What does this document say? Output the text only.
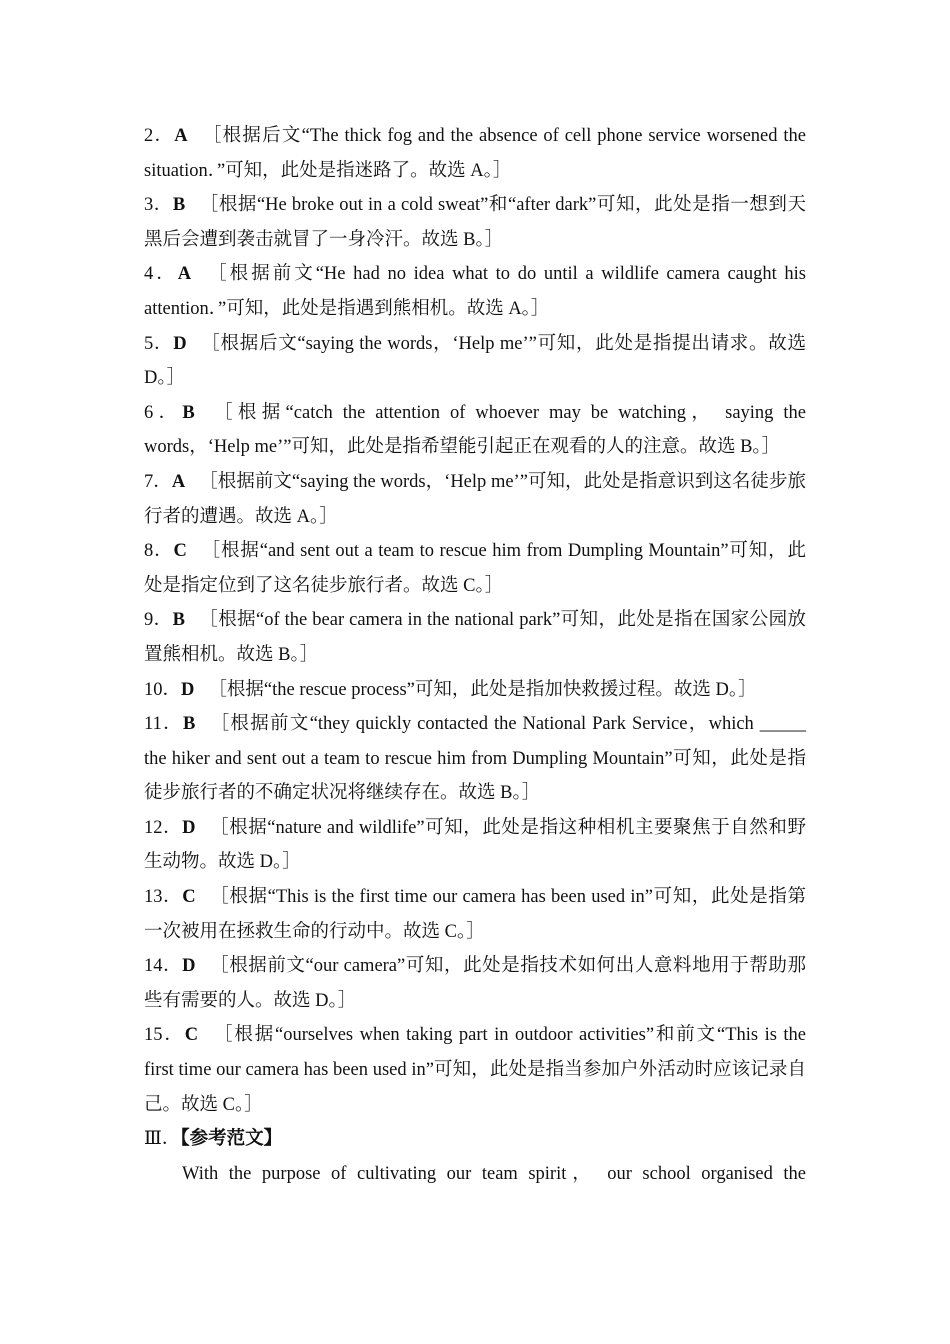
2．A ［根据后文“The thick fog and the absence of cell phone service worsened the situation．”可知，此处是指迷路了。故选 A。］

3．B ［根据“He broke out in a cold sweat”和“after dark”可知，此处是指一想到天黑后会遭到袭击就冒了一身冷汗。故选 B。］

4．A ［根据前文“He had no idea what to do until a wildlife camera caught his attention．”可知，此处是指遇到熊相机。故选 A。］

5．D ［根据后文“saying the words，‘Help me’”可知，此处是指提出请求。故选 D。］

6．B ［根据“catch the attention of whoever may be watching， saying the words，‘Help me’”可知，此处是指希望能引起正在观看的人的注意。故选 B。］

7．A ［根据前文“saying the words，‘Help me’”可知，此处是指意识到这名徒步旅行者的遭遇。故选 A。］

8．C ［根据“and sent out a team to rescue him from Dumpling Mountain”可知，此处是指定位到了这名徒步旅行者。故选 C。］

9．B ［根据“of the bear camera in the national park”可知，此处是指在国家公园放置熊相机。故选 B。］

10．D ［根据“the rescue process”可知，此处是指加快救援过程。故选 D。］

11．B ［根据前文“they quickly contacted the National Park Service，which _____ the hiker and sent out a team to rescue him from Dumpling Mountain”可知，此处是指徒步旅行者的不确定状况将继续存在。故选 B。］

12．D ［根据“nature and wildlife”可知，此处是指这种相机主要聚焦于自然和野生动物。故选 D。］

13．C ［根据“This is the first time our camera has been used in”可知，此处是指第一次被用在拯救生命的行动中。故选 C。］

14．D ［根据前文“our camera”可知，此处是指技术如何出人意料地用于帮助那些有需要的人。故选 D。］

15．C ［根据“ourselves when taking part in outdoor activities”和前文“This is the first time our camera has been used in”可知，此处是指当参加户外活动时应该记录自己。故选 C。］

Ⅲ．【参考范文】

With the purpose of cultivating our team spirit， our school organised the
